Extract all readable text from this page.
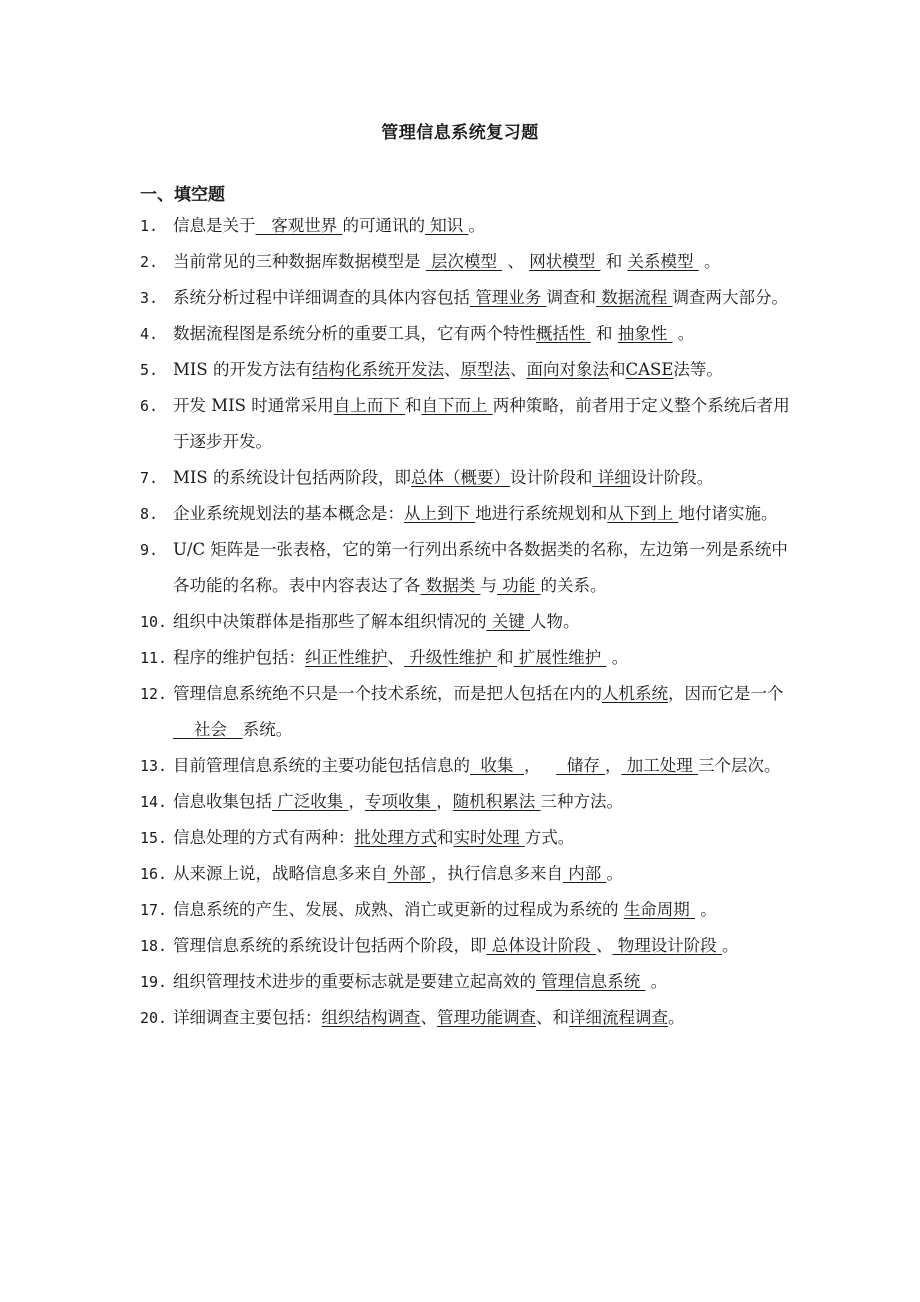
管理信息系统复习题
一、填空题
1. 信息是关于   客观世界 的可通讯的 知识 。
2. 当前常见的三种数据库数据模型是  层次模型  、 网状模型  和 关系模型  。
3. 系统分析过程中详细调查的具体内容包括 管理业务 调查和 数据流程 调查两大部分。
4. 数据流程图是系统分析的重要工具，它有两个特性概括性  和 抽象性  。
5. MIS 的开发方法有结构化系统开发法、原型法、面向对象法和CASE法等。
6. 开发 MIS 时通常采用自上而下 和自下而上 两种策略，前者用于定义整个系统后者用于逐步开发。
7. MIS 的系统设计包括两阶段，即总体（概要）设计阶段和 详细设计阶段。
8. 企业系统规划法的基本概念是：从上到下 地进行系统规划和从下到上 地付诸实施。
9. U/C 矩阵是一张表格，它的第一行列出系统中各数据类的名称，左边第一列是系统中各功能的名称。表中内容表达了各 数据类 与 功能 的关系。
10. 组织中决策群体是指那些了解本组织情况的 关键 人物。
11. 程序的维护包括：纠正性维护、 升级性维护 和 扩展性维护  。
12. 管理信息系统绝不只是一个技术系统，而是把人包括在内的人机系统，因而它是一个    社会   系统。
13. 目前管理信息系统的主要功能包括信息的  收集  ，     储存 ， 加工处理 三个层次。
14. 信息收集包括 广泛收集 ，专项收集 ，随机积累法 三种方法。
15. 信息处理的方式有两种：批处理方式和实时处理 方式。
16. 从来源上说，战略信息多来自 外部 ，执行信息多来自 内部 。
17. 信息系统的产生、发展、成熟、消亡或更新的过程成为系统的 生命周期  。
18. 管理信息系统的系统设计包括两个阶段，即 总体设计阶段 、 物理设计阶段 。
19. 组织管理技术进步的重要标志就是要建立起高效的 管理信息系统  。
20. 详细调查主要包括：组织结构调查、管理功能调查、和详细流程调查。
